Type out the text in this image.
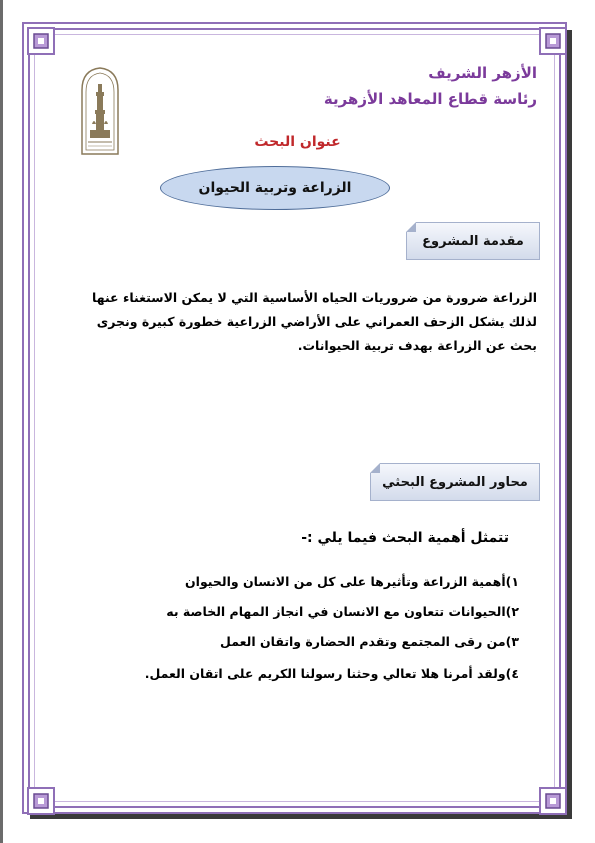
الأزهر الشريف
رئاسة قطاع المعاهد الأزهرية
عنوان البحث
الزراعة وتربية الحيوان
مقدمة المشروع
الزراعة ضرورة من ضروريات الحياه الأساسية التي لا يمكن الاستغناء عنها
لذلك يشكل الزحف العمراني على الأراضي الزراعية خطورة كبيرة ونجرى
بحث عن الزراعة بهدف تربية الحيوانات.
محاور المشروع البحثي
تتمثل أهمية البحث فيما يلي :-
١)أهمية الزراعة وتأثيرها على كل من الانسان والحيوان
٢)الحيوانات تتعاون مع الانسان في انجاز المهام الخاصة به
٣)من رقى المجتمع وتقدم الحضارة واتقان العمل
٤)ولقد أمرنا هلا تعالي وحثنا رسولنا الكريم على اتقان العمل.
